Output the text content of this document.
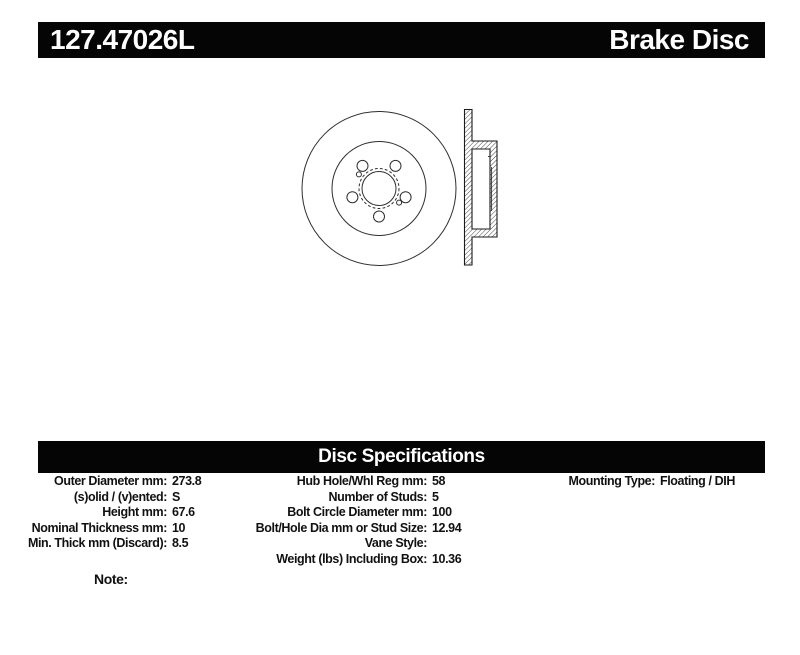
127.47026L	Brake Disc
Disc Specifications
Outer Diameter mm: 273.8
(s)olid / (v)ented: S
Height mm: 67.6
Nominal Thickness mm: 10
Min. Thick mm (Discard): 8.5
Hub Hole/Whl Reg mm: 58
Number of Studs: 5
Bolt Circle Diameter mm: 100
Bolt/Hole Dia mm or Stud Size: 12.94
Vane Style:
Weight (lbs) Including Box: 10.36
Mounting Type: Floating / DIH
Note:
